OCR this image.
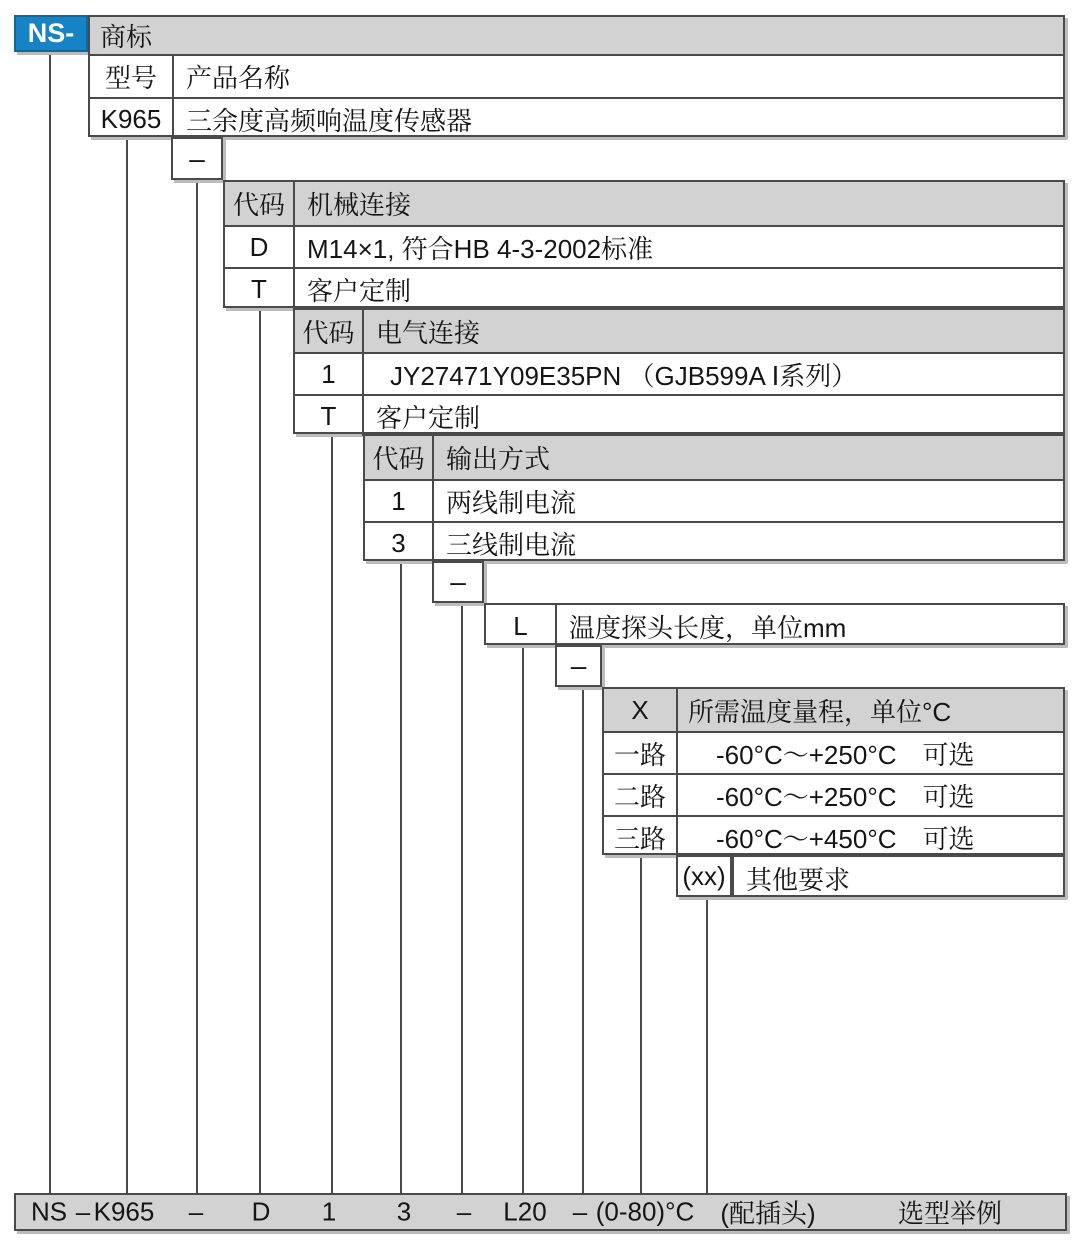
NS- 商标
型号	产品名称
K965 三余度高频响温度传感器
–
代码 机械连接
D	M14×1, 符合HB 4-3-2002标准
T	客户定制
代码 电气连接
1	JY27471Y09E35PN （GJB599A Ⅰ系列）
T	客户定制
代码 输出方式
1	两线制电流
3	三线制电流
–
L	温度探头长度，单位mm
–
X	所需温度量程，单位°C
一路	-60°C～+250°C　可选
二路	-60°C～+250°C　可选
三路	-60°C～+450°C　可选
(xx) 其他要求
NS – K965 – D 1 3 – L20 – (0-80)°C (配插头)	选型举例
